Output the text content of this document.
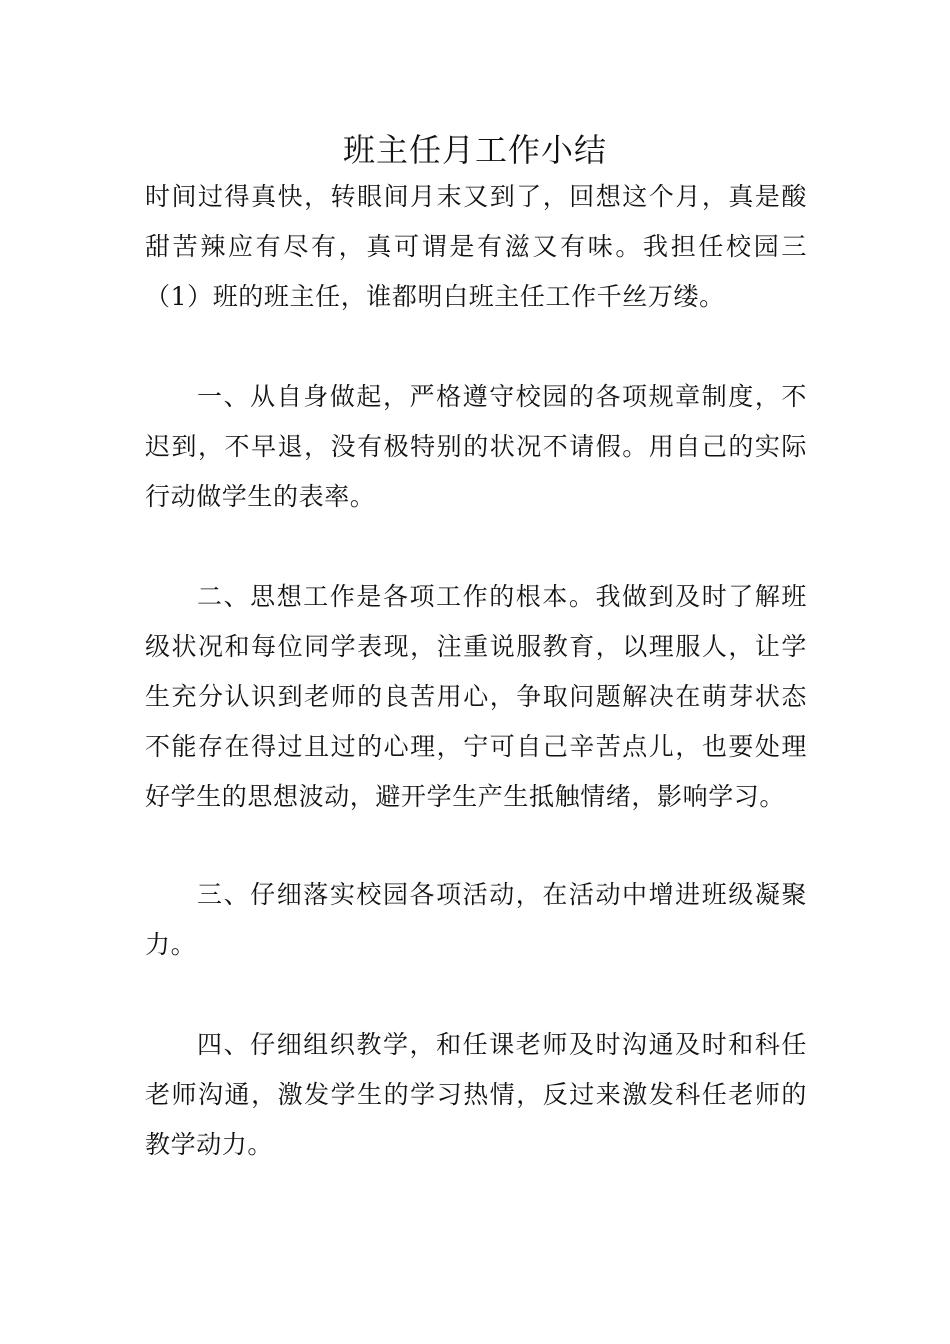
班主任月工作小结

时间过得真快，转眼间月末又到了，回想这个月，真是酸甜苦辣应有尽有，真可谓是有滋又有味。我担任校园三（1）班的班主任，谁都明白班主任工作千丝万缕。

一、从自身做起，严格遵守校园的各项规章制度，不迟到，不早退，没有极特别的状况不请假。用自己的实际行动做学生的表率。

二、思想工作是各项工作的根本。我做到及时了解班级状况和每位同学表现，注重说服教育，以理服人，让学生充分认识到老师的良苦用心，争取问题解决在萌芽状态不能存在得过且过的心理，宁可自己辛苦点儿，也要处理好学生的思想波动，避开学生产生抵触情绪，影响学习。

三、仔细落实校园各项活动，在活动中增进班级凝聚力。

四、仔细组织教学，和任课老师及时沟通及时和科任老师沟通，激发学生的学习热情，反过来激发科任老师的教学动力。
